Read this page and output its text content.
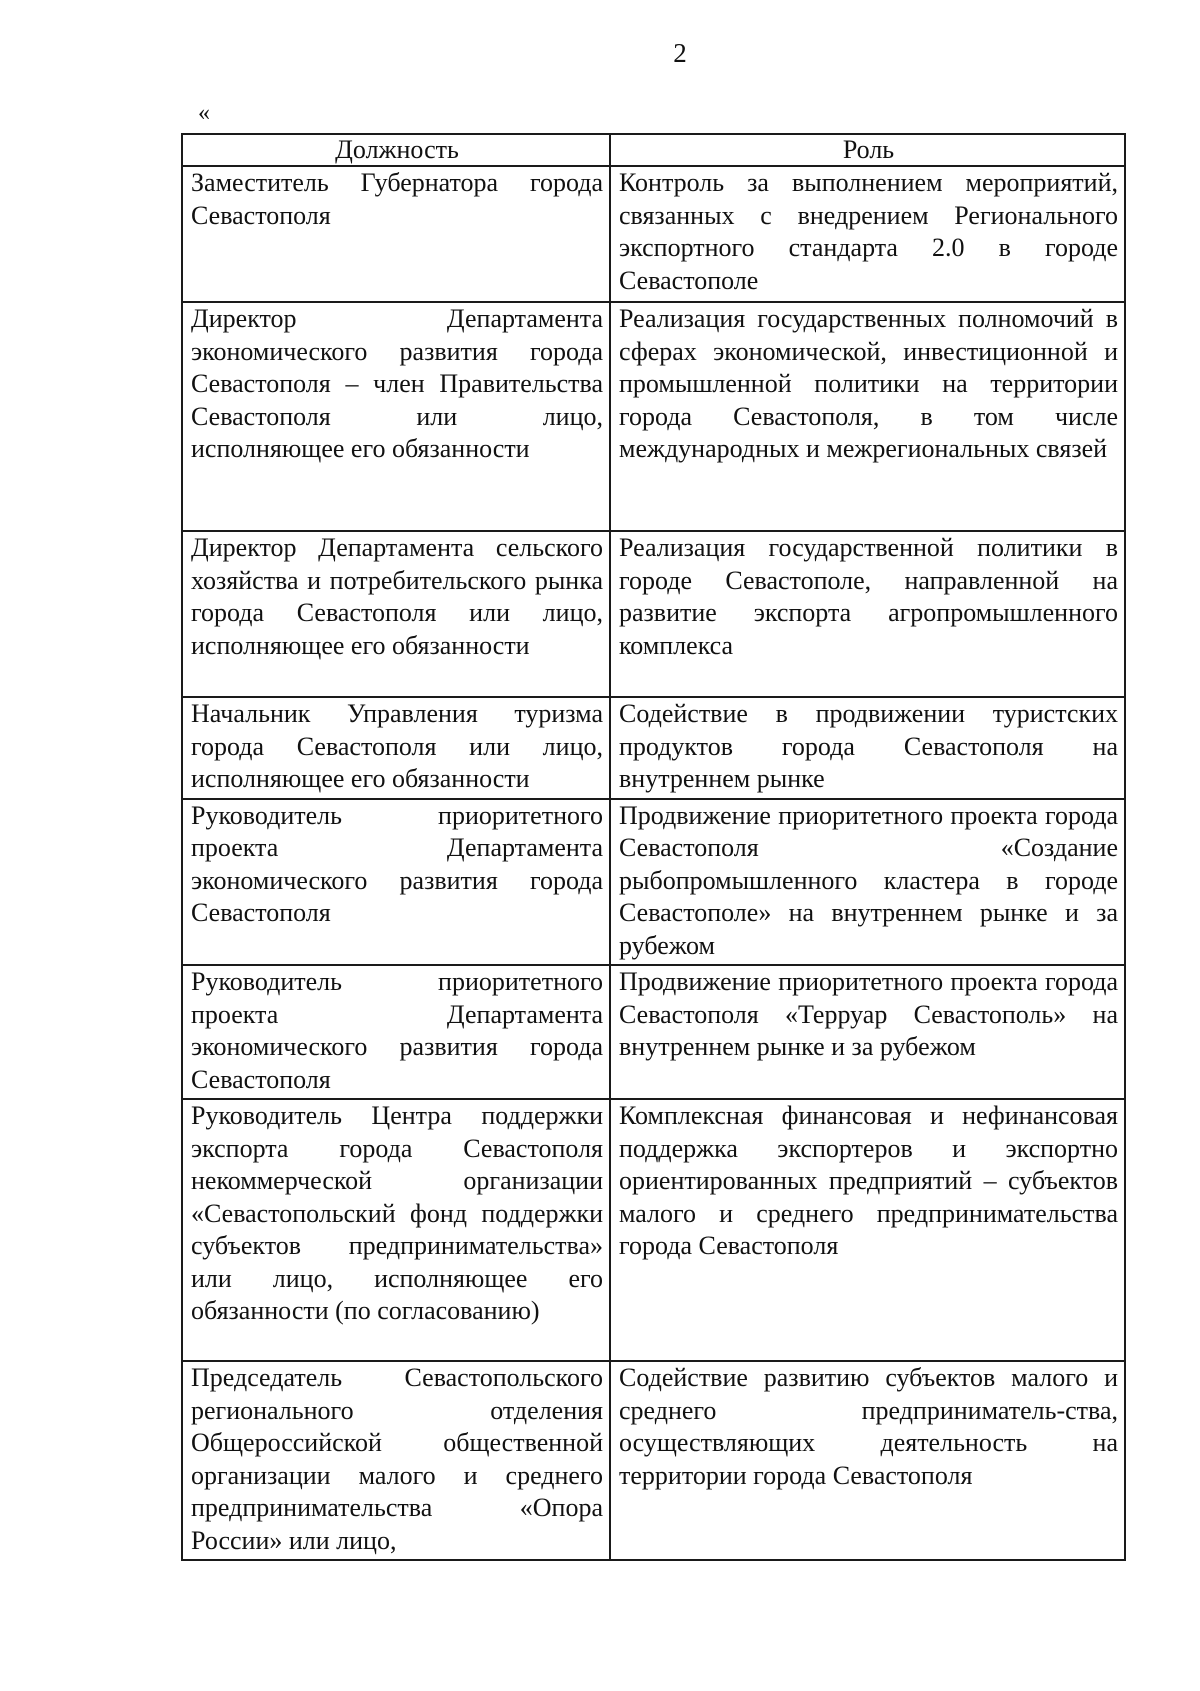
2
«
Должность	Роль
Заместитель Губернатора города Севастополя	Контроль за выполнением мероприятий, связанных с внедрением Регионального экспортного стандарта 2.0 в городе Севастополе
Директор Департамента экономического развития города Севастополя – член Правительства Севастополя или лицо, исполняющее его обязанности	Реализация государственных полномочий в сферах экономической, инвестиционной и промышленной политики на территории города Севастополя, в том числе международных и межрегиональных связей
Директор Департамента сельского хозяйства и потребительского рынка города Севастополя или лицо, исполняющее его обязанности	Реализация государственной политики в городе Севастополе, направленной на развитие экспорта агропромышленного комплекса
Начальник Управления туризма города Севастополя или лицо, исполняющее его обязанности	Содействие в продвижении туристских продуктов города Севастополя на внутреннем рынке
Руководитель приоритетного проекта Департамента экономического развития города Севастополя	Продвижение приоритетного проекта города Севастополя «Создание рыбопромышленного кластера в городе Севастополе» на внутреннем рынке и за рубежом
Руководитель приоритетного проекта Департамента экономического развития города Севастополя	Продвижение приоритетного проекта города Севастополя «Терруар Севастополь» на внутреннем рынке и за рубежом
Руководитель Центра поддержки экспорта города Севастополя некоммерческой организации «Севастопольский фонд поддержки субъектов предпринимательства» или лицо, исполняющее его обязанности (по согласованию)	Комплексная финансовая и нефинансовая поддержка экспортеров и экспортно ориентированных предприятий – субъектов малого и среднего предпринимательства города Севастополя
Председатель Севастопольского регионального отделения Общероссийской общественной организации малого и среднего предпринимательства «Опора России» или лицо,	Содействие развитию субъектов малого и среднего предприниматель-ства, осуществляющих деятельность на территории города Севастополя
